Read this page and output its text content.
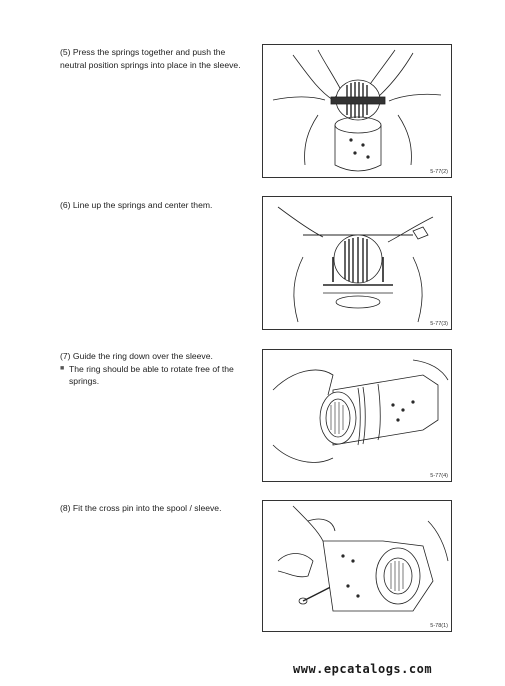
(5) Press the springs together and push the neutral position springs into place in the sleeve.

5-77(2)

(6) Line up the springs and center them.

5-77(3)

(7) Guide the ring down over the sleeve.

■ The ring should be able to rotate free of the springs.
5-77(4)

(8) Fit the cross pin into the spool / sleeve.

5-78(1)
www.epcatalogs.com
